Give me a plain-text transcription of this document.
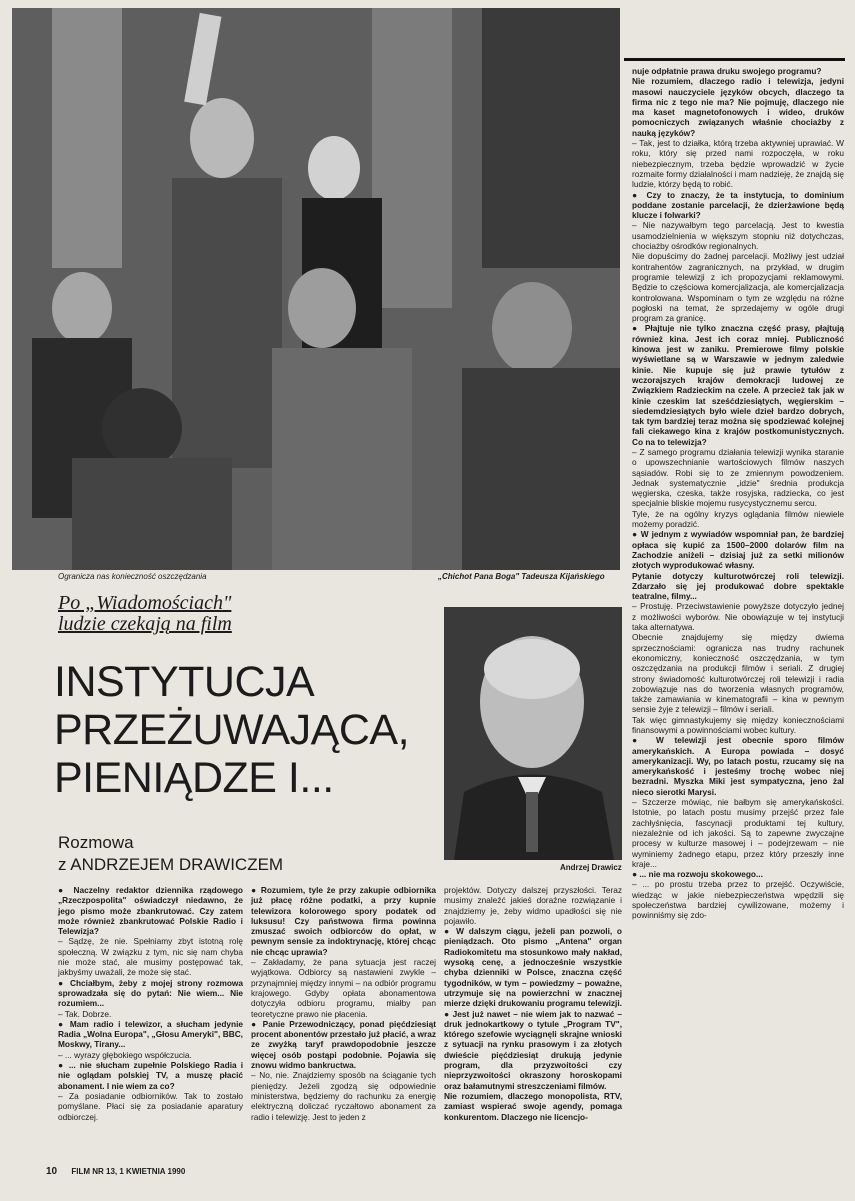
Ogranicza nas konieczność oszczędzania	„Chichot Pana Boga" Tadeusza Kijańskiego
Po „Wiadomościach"
ludzie czekają na film
INSTYTUCJA
PRZEŻUWAJĄCA,
PIENIĄDZE I...
Rozmowa
z ANDRZEJEM DRAWICZEM	Andrzej Drawicz

● Naczelny redaktor dziennika rządowego „Rzeczpospolita" oświadczył niedawno, że jego pismo może zbankrutować. Czy zatem może również zbankrutować Polskie Radio i Telewizja?

– Sądzę, że nie. Spełniamy zbyt istotną rolę społeczną. W związku z tym, nic się nam chyba nie może stać, ale musimy postępować tak, jakbyśmy uważali, że może się stać.

● Chciałbym, żeby z mojej strony rozmowa sprowadzała się do pytań: Nie wiem... Nie rozumiem...

– Tak. Dobrze.

● Mam radio i telewizor, a słucham jedynie Radia „Wolna Europa", „Głosu Ameryki", BBC, Moskwy, Tirany...

– ... wyrazy głębokiego współczucia.

● ... nie słucham zupełnie Polskiego Radia i nie oglądam polskiej TV, a muszę płacić abonament. I nie wiem za co?

– Za posiadanie odbiorników. Tak to zostało pomyślane. Płaci się za posiadanie aparatury odbiorczej.

● Rozumiem, tyle że przy zakupie odbiornika już płacę różne podatki, a przy kupnie telewizora kolorowego spory podatek od luksusu! Czy państwowa firma powinna zmuszać swoich odbiorców do opłat, w pewnym sensie za indoktrynację, której chcąc nie chcąc uprawia?

– Zakładamy, że pana sytuacja jest raczej wyjątkowa. Odbiorcy są nastawieni zwykle – przynajmniej między innymi – na odbiór programu krajowego. Gdyby opłata abonamentowa dotyczyła odbioru programu, miałby pan teoretyczne prawo nie płacenia.

● Panie Przewodniczący, ponad pięćdziesiąt procent abonentów przestało już płacić, a wraz ze zwyżką taryf prawdopodobnie jeszcze więcej osób postąpi podobnie. Pojawia się znowu widmo bankructwa.

– No, nie. Znajdziemy sposób na ściąganie tych pieniędzy. Jeżeli zgodzą się odpowiednie ministerstwa, będziemy do rachunku za energię elektryczną doliczać ryczałtowo abonament za radio i telewizję. Jest to jeden z

projektów. Dotyczy dalszej przyszłości. Teraz musimy znaleźć jakieś doraźne rozwiązanie i znajdziemy je, żeby widmo upadłości się nie pojawiło.

● W dalszym ciągu, jeżeli pan pozwoli, o pieniądzach. Oto pismo „Antena" organ Radiokomitetu ma stosunkowo mały nakład, wysoką cenę, a jednocześnie wszystkie chyba dzienniki w Polsce, znaczna część tygodników, w tym – powiedzmy – poważne, utrzymuje się na powierzchni w znacznej mierze dzięki drukowaniu programu telewizji.

● Jest już nawet – nie wiem jak to nazwać – druk jednokartkowy o tytule „Program TV", którego szefowie wyciągnęli skrajne wnioski z sytuacji na rynku prasowym i za złotych dwieście pięćdziesiąt drukują jedynie program, dla przyzwoitości czy nieprzyzwoitości okraszony horoskopami oraz bałamutnymi streszczeniami filmów.

Nie rozumiem, dlaczego monopolista, RTV, zamiast wspierać swoje agendy, pomaga konkurentom. Dlaczego nie licencjo-

nuje odpłatnie prawa druku swojego programu?

Nie rozumiem, dlaczego radio i telewizja, jedyni masowi nauczyciele języków obcych, dlaczego ta firma nic z tego nie ma? Nie pojmuję, dlaczego nie ma kaset magnetofonowych i wideo, druków pomocniczych związanych właśnie chociażby z nauką języków?

– Tak, jest to działka, którą trzeba aktywniej uprawiać. W roku, który się przed nami rozpoczęła, w roku niebezpiecznym, trzeba będzie wprowadzić w życie rozmaite formy działalności i mam nadzieję, że znajdą się ludzie, którzy będą to robić.

● Czy to znaczy, że ta instytucja, to dominium poddane zostanie parcelacji, że dzierżawione będą klucze i folwarki?

– Nie nazywałbym tego parcelacją. Jest to kwestia usamodzielnienia w większym stopniu niż dotychczas, chociażby ośrodków regionalnych.

Nie dopuścimy do żadnej parcelacji. Możliwy jest udział kontrahentów zagranicznych, na przykład, w drugim programie telewizji z ich propozycjami reklamowymi. Będzie to częściowa komercjalizacja, ale komercjalizacja kontrolowana. Wspominam o tym ze względu na różne pogłoski na temat, że sprzedajemy w ogóle drugi program za granicę.

● Płajtuje nie tylko znaczna część prasy, płajtują również kina. Jest ich coraz mniej. Publiczność kinowa jest w zaniku. Premierowe filmy polskie wyświetlane są w Warszawie w jednym zaledwie kinie. Nie kupuje się już prawie tytułów z wczorajszych krajów demokracji ludowej ze Związkiem Radzieckim na czele. A przecież tak jak w kinie czeskim lat sześćdziesiątych, węgierskim – siedemdziesiątych było wiele dzieł bardzo dobrych, tak tym bardziej teraz można się spodziewać kolejnej fali ciekawego kina z krajów postkomunistycznych. Co na to telewizja?

– Z samego programu działania telewizji wynika staranie o upowszechnianie wartościowych filmów naszych sąsiadów. Robi się to ze zmiennym powodzeniem. Jednak systematycznie „idzie" średnia produkcja węgierska, czeska, także rosyjska, radziecka, co jest specjalnie bliskie mojemu rusycystycznemu sercu.

Tyle, że na ogólny kryzys oglądania filmów niewiele możemy poradzić.

● W jednym z wywiadów wspomniał pan, że bardziej opłaca się kupić za 1500–2000 dolarów film na Zachodzie aniżeli – dzisiaj już za setki milionów złotych wyprodukować własny.

Pytanie dotyczy kulturotwórczej roli telewizji. Zdarzało się jej produkować dobre spektakle teatralne, filmy...

– Prostuję. Przeciwstawienie powyższe dotyczyło jednej z możliwości wyborów. Nie obowiązuje w tej instytucji taka alternatywa.

Obecnie znajdujemy się między dwiema sprzecznościami: ogranicza nas trudny rachunek ekonomiczny, konieczność oszczędzania, w tym oszczędzania na produkcji filmów i seriali. Z drugiej strony świadomość kulturotwórczej roli telewizji i radia zobowiązuje nas do tworzenia własnych programów, także zamawiania w kinematografii – kina w pewnym sensie żyje z telewizji – filmów i seriali.

Tak więc gimnastykujemy się między koniecznościami finansowymi a powinnościami wobec kultury.

● W telewizji jest obecnie sporo filmów amerykańskich. A Europa powiada – dosyć amerykanizacji. Wy, po latach postu, rzucamy się na amerykańskość i jesteśmy trochę wobec niej bezradni. Myszka Miki jest sympatyczna, jeno żal nieco sierotki Marysi.

– Szczerze mówiąc, nie bałbym się amerykańskości. Istotnie, po latach postu musimy przejść przez fale zachłyśnięcia, fascynacji produktami tej kultury, niezależnie od ich jakości. Są to zapewne zwyczajne procesy w kulturze masowej i – podejrzewam – nie wyminiemy żadnego etapu, przez który przeszły inne kraje...

● ... nie ma rozwoju skokowego...

– ... po prostu trzeba przez to przejść. Oczywiście, wiedząc w jakie niebezpieczeństwa wpędzili się społeczeństwa bardziej cywilizowane, możemy i powinniśmy się zdo-

10 FILM NR 13, 1 KWIETNIA 1990
